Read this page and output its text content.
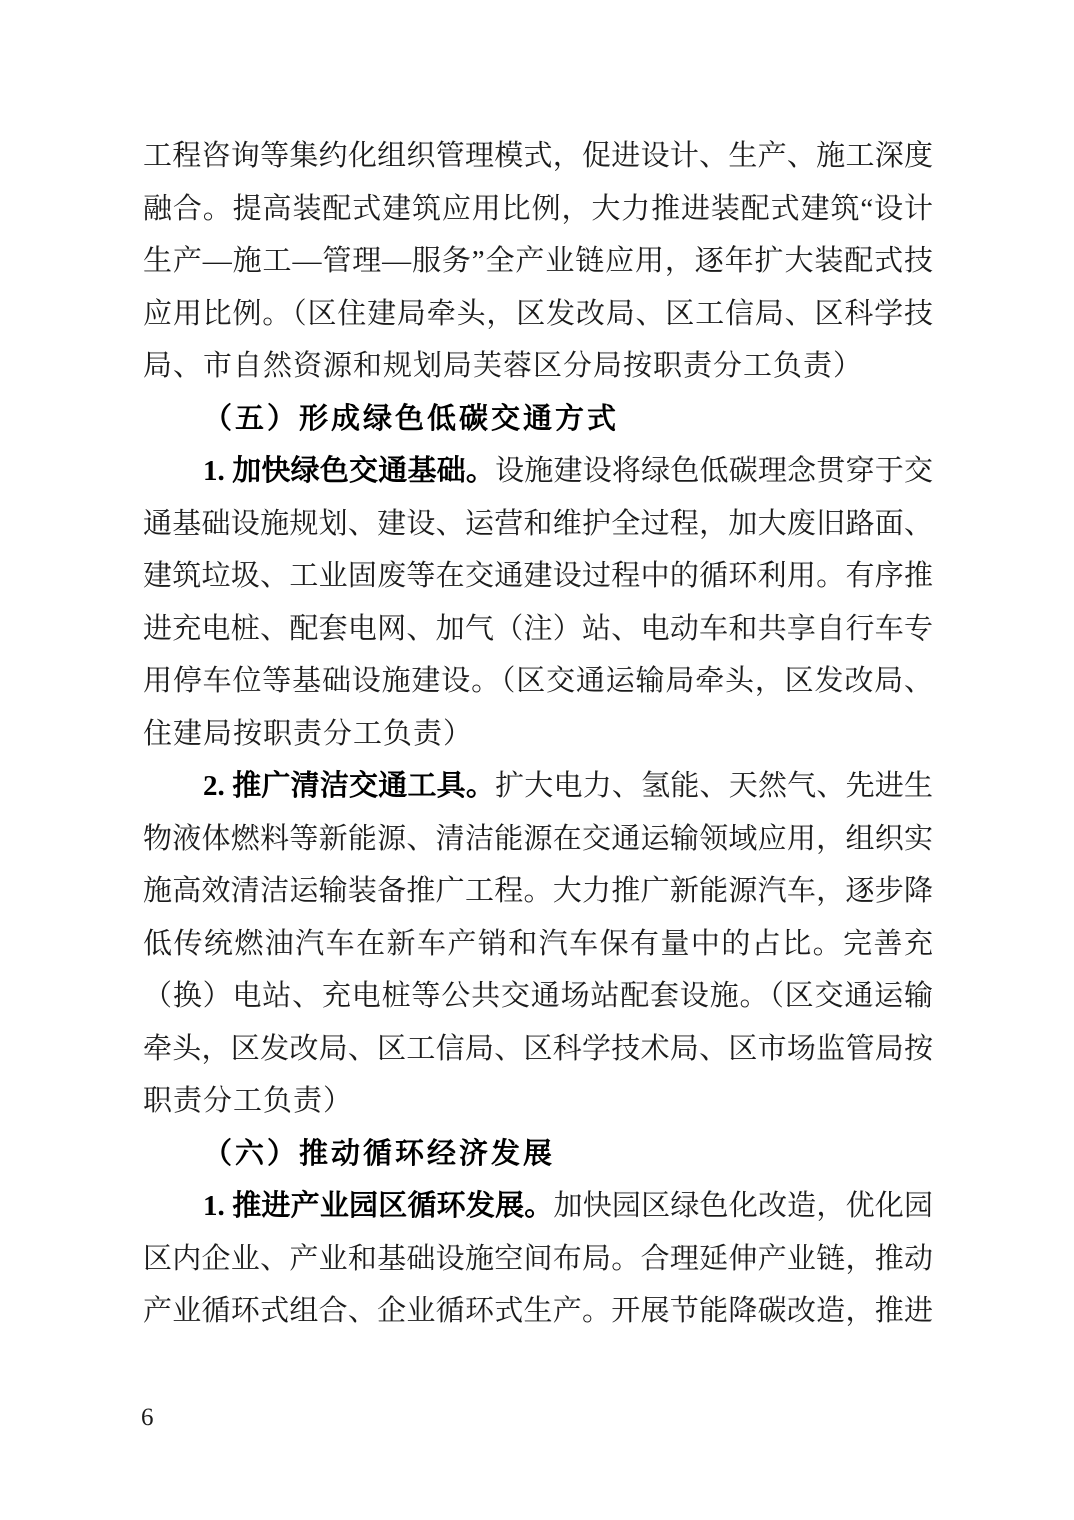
工程咨询等集约化组织管理模式，促进设计、生产、施工深度
融合。提高装配式建筑应用比例，大力推进装配式建筑“设计
生产—施工—管理—服务”全产业链应用，逐年扩大装配式技
应用比例。（区住建局牵头，区发改局、区工信局、区科学技
局、市自然资源和规划局芙蓉区分局按职责分工负责）
（五）形成绿色低碳交通方式
1. 加快绿色交通基础。设施建设将绿色低碳理念贯穿于交
通基础设施规划、建设、运营和维护全过程，加大废旧路面、
建筑垃圾、工业固废等在交通建设过程中的循环利用。有序推
进充电桩、配套电网、加气（注）站、电动车和共享自行车专
用停车位等基础设施建设。（区交通运输局牵头，区发改局、
住建局按职责分工负责）
2. 推广清洁交通工具。扩大电力、氢能、天然气、先进生
物液体燃料等新能源、清洁能源在交通运输领域应用，组织实
施高效清洁运输装备推广工程。大力推广新能源汽车，逐步降
低传统燃油汽车在新车产销和汽车保有量中的占比。完善充
（换）电站、充电桩等公共交通场站配套设施。（区交通运输
牵头，区发改局、区工信局、区科学技术局、区市场监管局按
职责分工负责）
（六）推动循环经济发展
1. 推进产业园区循环发展。加快园区绿色化改造，优化园
区内企业、产业和基础设施空间布局。合理延伸产业链，推动
产业循环式组合、企业循环式生产。开展节能降碳改造，推进
6
